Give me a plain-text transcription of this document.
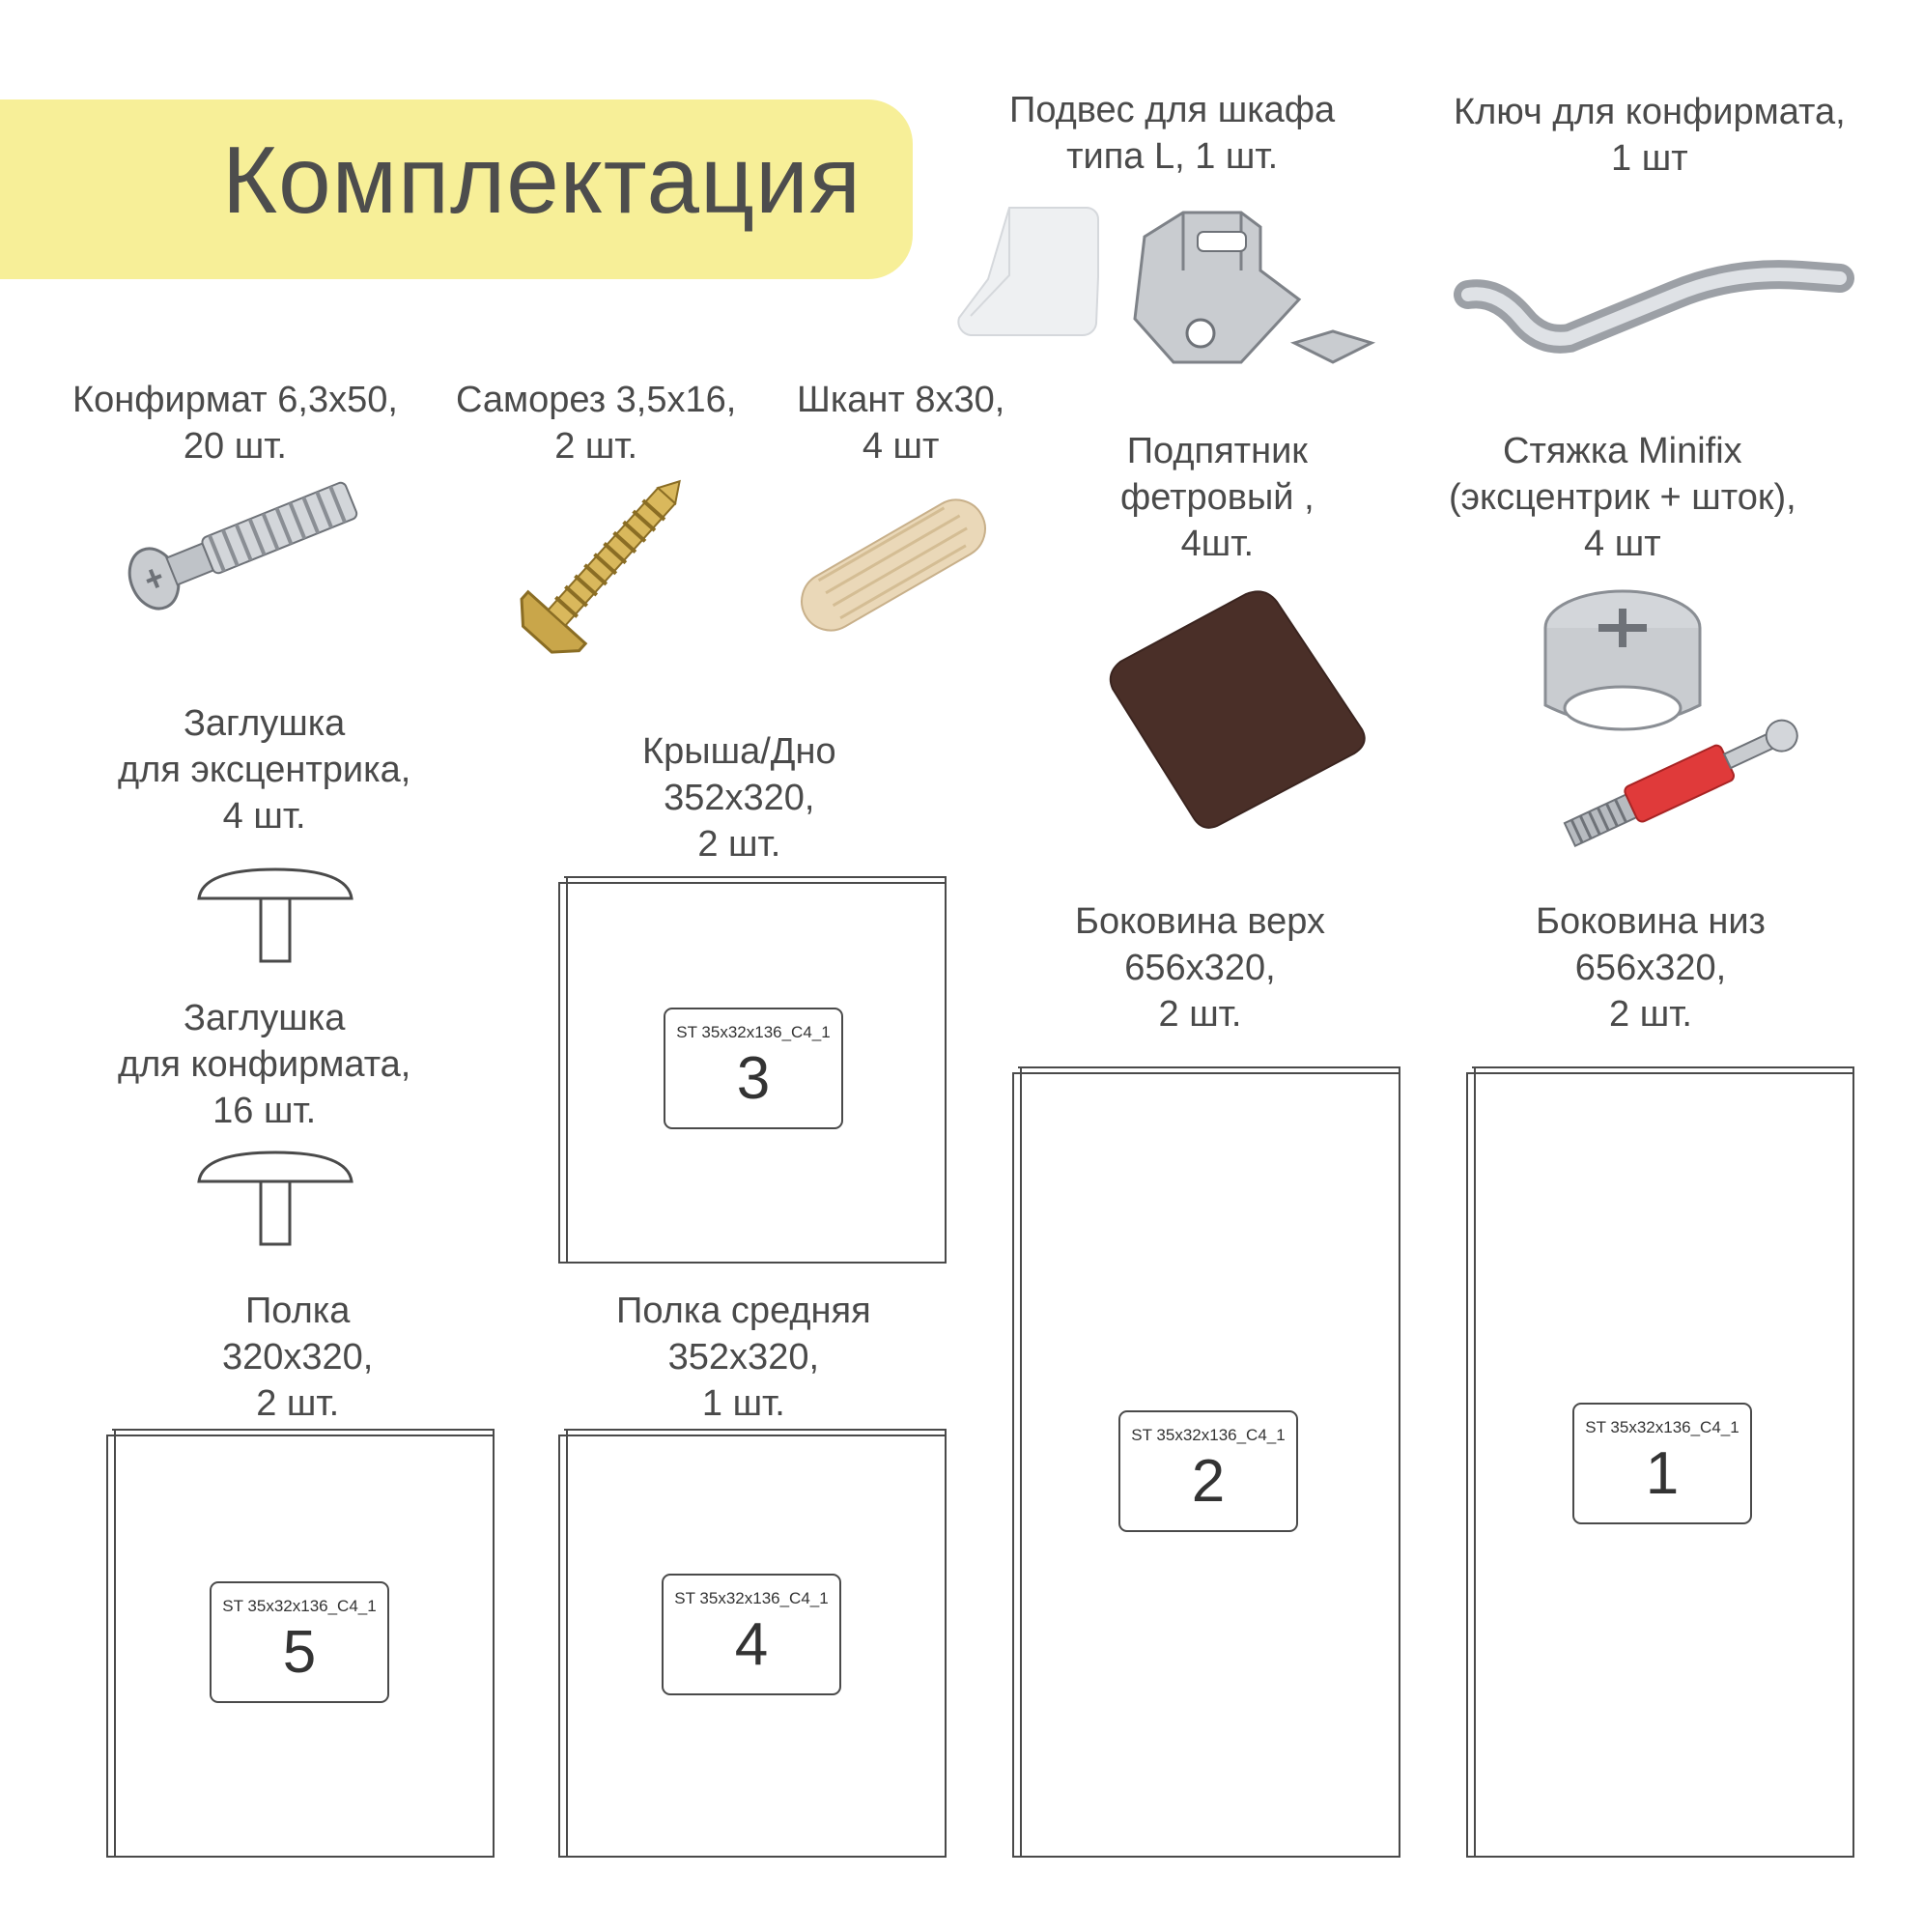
Комплектация
Подвес для шкафа
типа L, 1 шт.
Ключ для конфирмата,
1 шт
Конфирмат 6,3х50,
20 шт.
Саморез 3,5х16,
2 шт.
Шкант 8х30,
4 шт	Подпятник
фетровый ,
4шт.
Стяжка Minifix
(эксцентрик + шток),
4 шт
Заглушка
для эксцентрика,
4 шт.
Заглушка
для конфирмата,
16 шт.
Крыша/Дно
352х320,
2 шт.
ST 35x32x136_C4_1
3
Боковина верх
656х320,
2 шт.
ST 35x32x136_C4_1
2
Боковина низ
656х320,
2 шт.
ST 35x32x136_C4_1
1
Полка
320х320,
2 шт.
ST 35x32x136_C4_1
5
Полка средняя
352х320,
1 шт.
ST 35x32x136_C4_1
4
